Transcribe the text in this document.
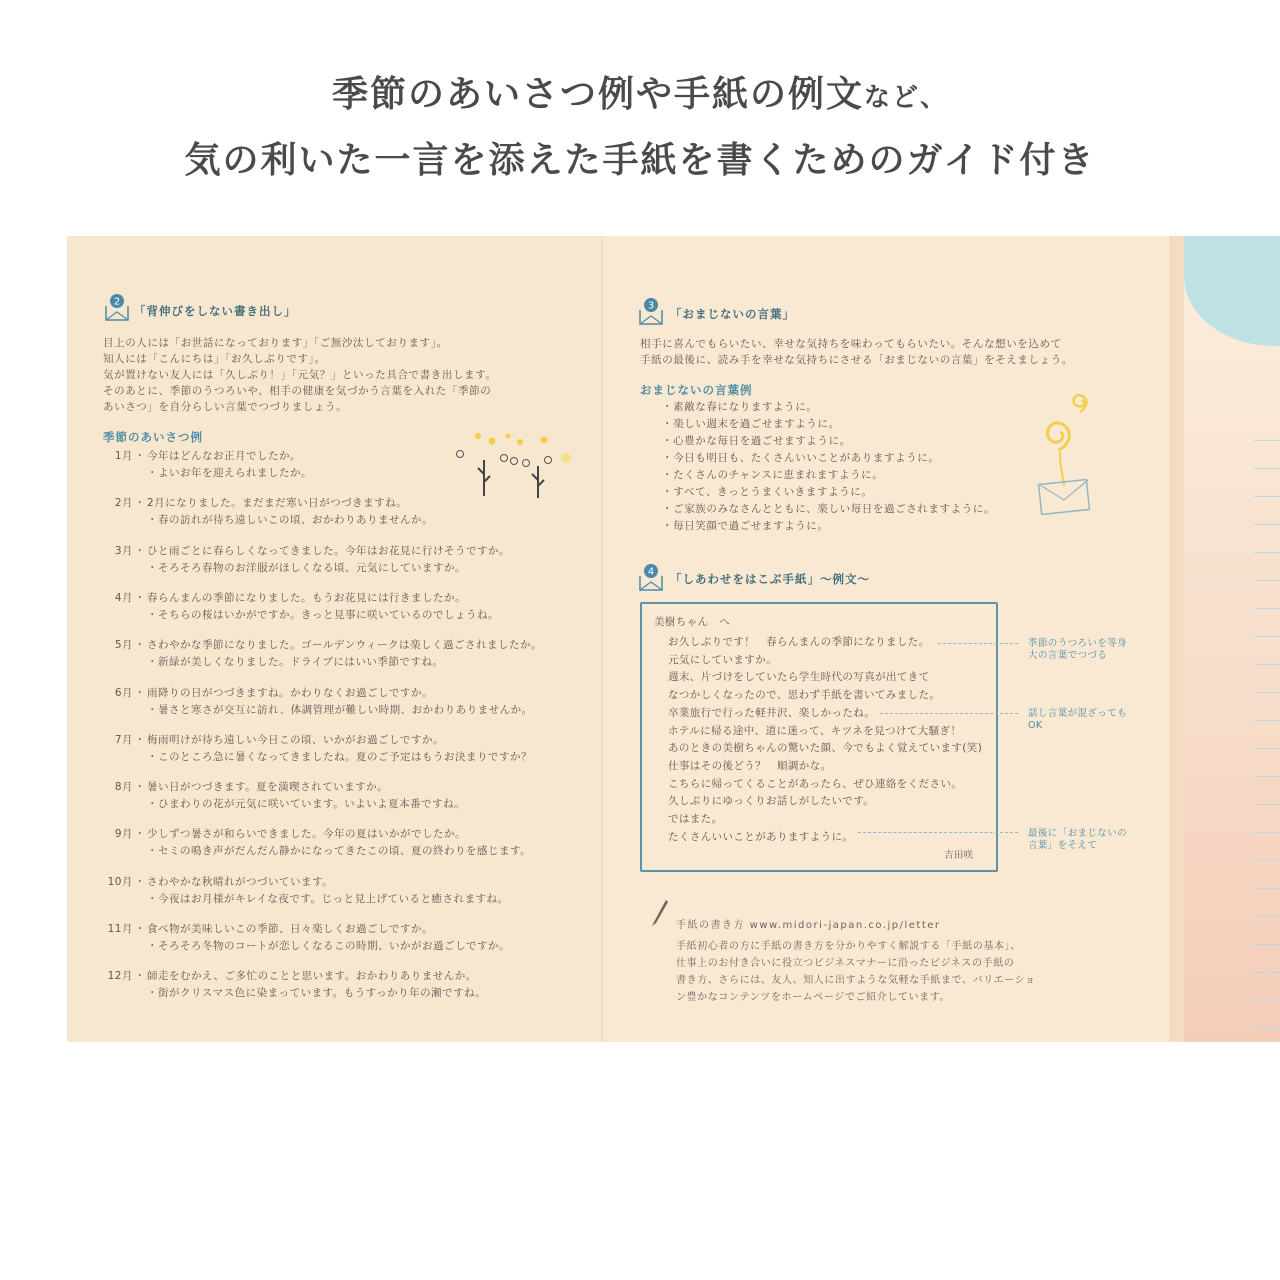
季節のあいさつ例や手紙の例文など、
気の利いた一言を添えた手紙を書くためのガイド付き
2
「背伸びをしない書き出し」
目上の人には「お世話になっております」「ご無沙汰しております」。
知人には「こんにちは」「お久しぶりです」。
気が置けない友人には「久しぶり！」「元気？」といった具合で書き出します。
そのあとに、季節のうつろいや、相手の健康を気づかう言葉を入れた「季節の
あいさつ」を自分らしい言葉でつづりましょう。
季節のあいさつ例
1月 ・ 今年はどんなお正月でしたか。
・ よいお年を迎えられましたか。
2月 ・ 2月になりました。まだまだ寒い日がつづきますね。
・ 春の訪れが待ち遠しいこの頃、おかわりありませんか。
3月 ・ ひと雨ごとに春らしくなってきました。今年はお花見に行けそうですか。
・ そろそろ春物のお洋服がほしくなる頃、元気にしていますか。
4月 ・ 春らんまんの季節になりました。もうお花見には行きましたか。
・ そちらの桜はいかがですか。きっと見事に咲いているのでしょうね。
5月 ・ さわやかな季節になりました。ゴールデンウィークは楽しく過ごされましたか。
・ 新緑が美しくなりました。ドライブにはいい季節ですね。
6月 ・ 雨降りの日がつづきますね。かわりなくお過ごしですか。
・ 暑さと寒さが交互に訪れ、体調管理が難しい時期、おかわりありませんか。
7月 ・ 梅雨明けが待ち遠しい今日この頃、いかがお過ごしですか。
・ このところ急に暑くなってきましたね。夏のご予定はもうお決まりですか？
8月 ・ 暑い日がつづきます。夏を満喫されていますか。
・ ひまわりの花が元気に咲いています。いよいよ夏本番ですね。
9月 ・ 少しずつ暑さが和らいできました。今年の夏はいかがでしたか。
・ セミの鳴き声がだんだん静かになってきたこの頃、夏の終わりを感じます。
10月 ・ さわやかな秋晴れがつづいています。
・ 今夜はお月様がキレイな夜です。じっと見上げていると癒されますね。
11月 ・ 食べ物が美味しいこの季節、日々楽しくお過ごしですか。
・ そろそろ冬物のコートが恋しくなるこの時期、いかがお過ごしですか。
12月 ・ 師走をむかえ、ご多忙のことと思います。おかわりありませんか。
・ 街がクリスマス色に染まっています。もうすっかり年の瀬ですね。
3
「おまじないの言葉」
相手に喜んでもらいたい、幸せな気持ちを味わってもらいたい。そんな想いを込めて
手紙の最後に、読み手を幸せな気持ちにさせる「おまじないの言葉」をそえましょう。
おまじないの言葉例
・素敵な春になりますように。
・楽しい週末を過ごせますように。
・心豊かな毎日を過ごせますように。
・今日も明日も、たくさんいいことがありますように。
・たくさんのチャンスに恵まれますように。
・すべて、きっとうまくいきますように。
・ご家族のみなさんとともに、楽しい毎日を過ごされますように。
・毎日笑顔で過ごせますように。
4 「しあわせをはこぶ手紙」〜例文〜
美樹ちゃん　へ
お久しぶりです！　春らんまんの季節になりました。
元気にしていますか。
週末、片づけをしていたら学生時代の写真が出てきて
なつかしくなったので、思わず手紙を書いてみました。
卒業旅行で行った軽井沢、楽しかったね。
ホテルに帰る途中、道に迷って、キツネを見つけて大騒ぎ！
あのときの美樹ちゃんの驚いた顔、今でもよく覚えています(笑)
仕事はその後どう？　順調かな。
こちらに帰ってくることがあったら、ぜひ連絡をください。
久しぶりにゆっくりお話しがしたいです。
ではまた。
たくさんいいことがありますように。
吉田咲
季節のうつろいを等身
大の言葉でつづる
話し言葉が混ざっても
OK
最後に「おまじないの
言葉」をそえて
手紙の書き方 www.midori-japan.co.jp/letter
手紙初心者の方に手紙の書き方を分かりやすく解説する「手紙の基本」、
仕事上のお付き合いに役立つビジネスマナーに沿ったビジネスの手紙の
書き方、さらには、友人、知人に出すような気軽な手紙まで、バリエーショ
ン豊かなコンテンツをホームページでご紹介しています。
